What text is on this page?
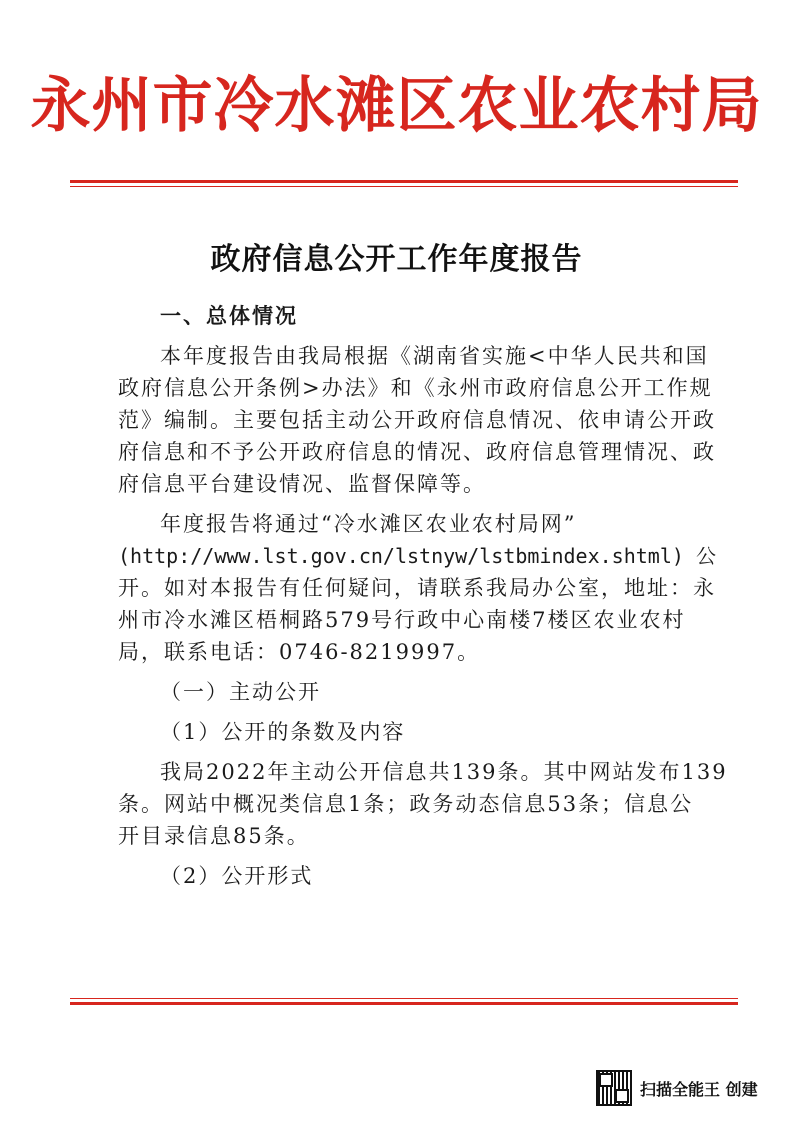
永州市冷水滩区农业农村局
政府信息公开工作年度报告
一、总体情况
本年度报告由我局根据《湖南省实施<中华人民共和国
政府信息公开条例>办法》和《永州市政府信息公开工作规
范》编制。主要包括主动公开政府信息情况、依申请公开政
府信息和不予公开政府信息的情况、政府信息管理情况、政
府信息平台建设情况、监督保障等。
年度报告将通过“冷水滩区农业农村局网”
(http://www.lst.gov.cn/lstnyw/lstbmindex.shtml) 公
开。如对本报告有任何疑问，请联系我局办公室，地址：永
州市冷水滩区梧桐路579号行政中心南楼7楼区农业农村
局，联系电话：0746-8219997。
（一）主动公开
（1）公开的条数及内容
我局2022年主动公开信息共139条。其中网站发布139
条。网站中概况类信息1条；政务动态信息53条；信息公
开目录信息85条。
（2）公开形式
扫描全能王 创建
